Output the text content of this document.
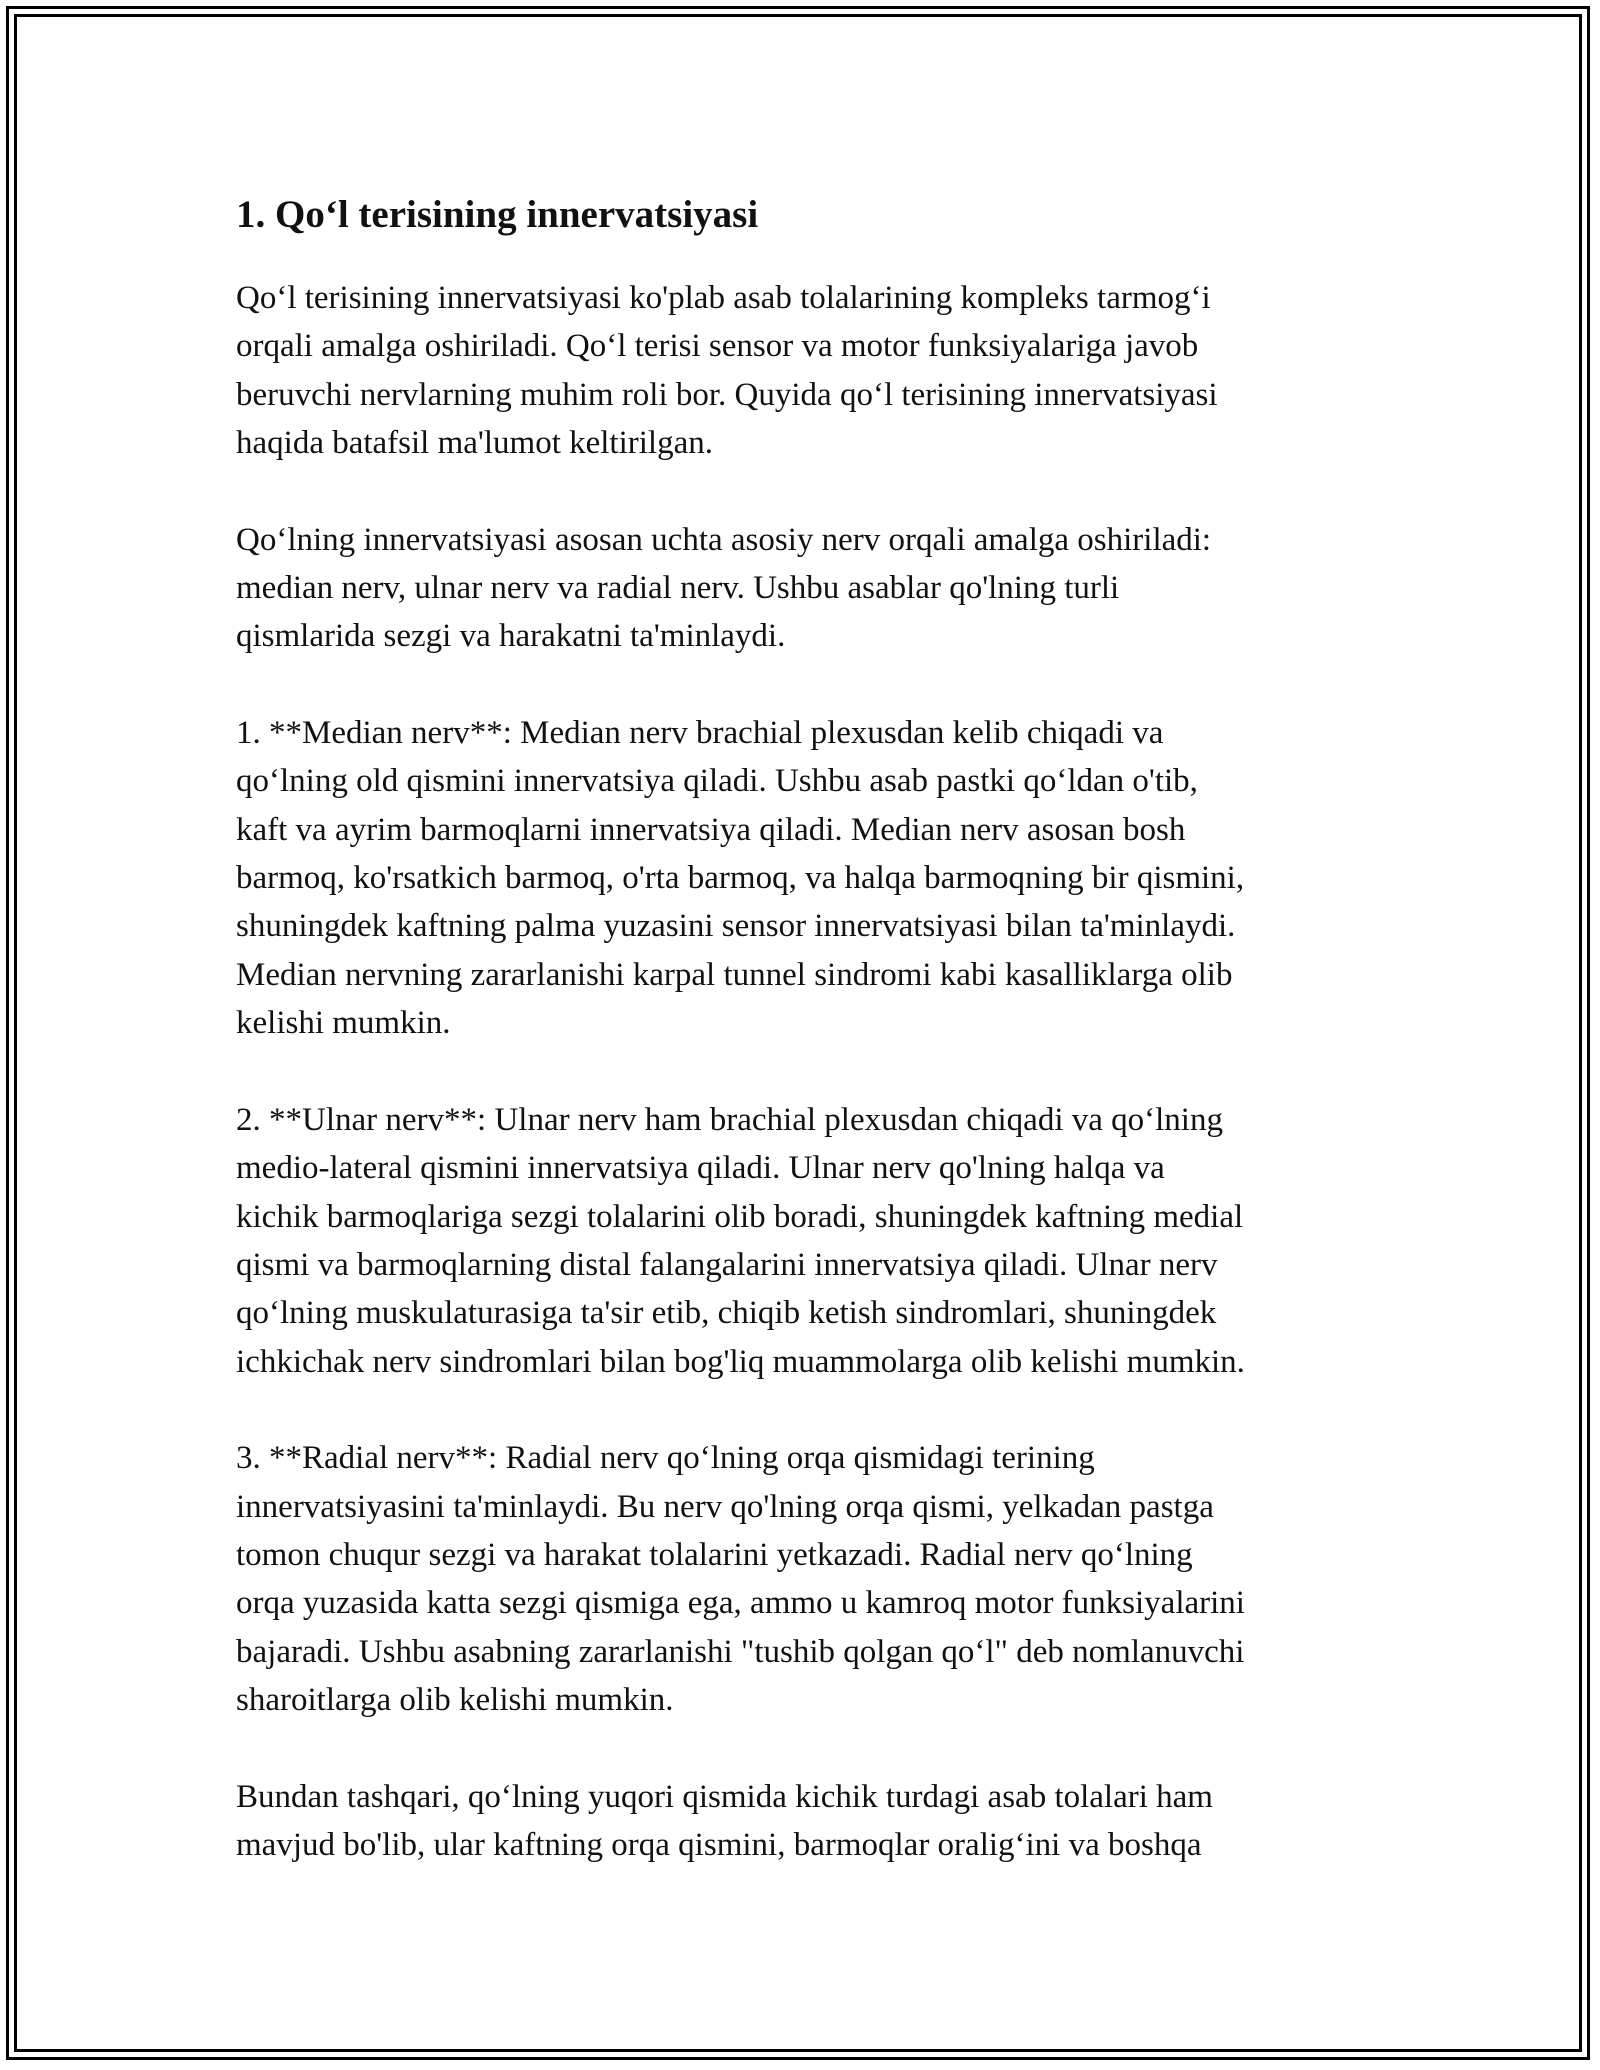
1. Qo‘l terisining innervatsiyasi

Qo‘l terisining innervatsiyasi ko'plab asab tolalarining kompleks tarmog‘i
orqali amalga oshiriladi. Qo‘l terisi sensor va motor funksiyalariga javob
beruvchi nervlarning muhim roli bor. Quyida qo‘l terisining innervatsiyasi
haqida batafsil ma'lumot keltirilgan.

Qo‘lning innervatsiyasi asosan uchta asosiy nerv orqali amalga oshiriladi:
median nerv, ulnar nerv va radial nerv. Ushbu asablar qo'lning turli
qismlarida sezgi va harakatni ta'minlaydi.

1. **Median nerv**: Median nerv brachial plexusdan kelib chiqadi va
qo‘lning old qismini innervatsiya qiladi. Ushbu asab pastki qo‘ldan o'tib,
kaft va ayrim barmoqlarni innervatsiya qiladi. Median nerv asosan bosh
barmoq, ko'rsatkich barmoq, o'rta barmoq, va halqa barmoqning bir qismini,
shuningdek kaftning palma yuzasini sensor innervatsiyasi bilan ta'minlaydi.
Median nervning zararlanishi karpal tunnel sindromi kabi kasalliklarga olib
kelishi mumkin.

2. **Ulnar nerv**: Ulnar nerv ham brachial plexusdan chiqadi va qo‘lning
medio-lateral qismini innervatsiya qiladi. Ulnar nerv qo'lning halqa va
kichik barmoqlariga sezgi tolalarini olib boradi, shuningdek kaftning medial
qismi va barmoqlarning distal falangalarini innervatsiya qiladi. Ulnar nerv
qo‘lning muskulaturasiga ta'sir etib, chiqib ketish sindromlari, shuningdek
ichkichak nerv sindromlari bilan bog'liq muammolarga olib kelishi mumkin.

3. **Radial nerv**: Radial nerv qo‘lning orqa qismidagi terining
innervatsiyasini ta'minlaydi. Bu nerv qo'lning orqa qismi, yelkadan pastga
tomon chuqur sezgi va harakat tolalarini yetkazadi. Radial nerv qo‘lning
orqa yuzasida katta sezgi qismiga ega, ammo u kamroq motor funksiyalarini
bajaradi. Ushbu asabning zararlanishi "tushib qolgan qo‘l" deb nomlanuvchi
sharoitlarga olib kelishi mumkin.

Bundan tashqari, qo‘lning yuqori qismida kichik turdagi asab tolalari ham
mavjud bo'lib, ular kaftning orqa qismini, barmoqlar oralig‘ini va boshqa
